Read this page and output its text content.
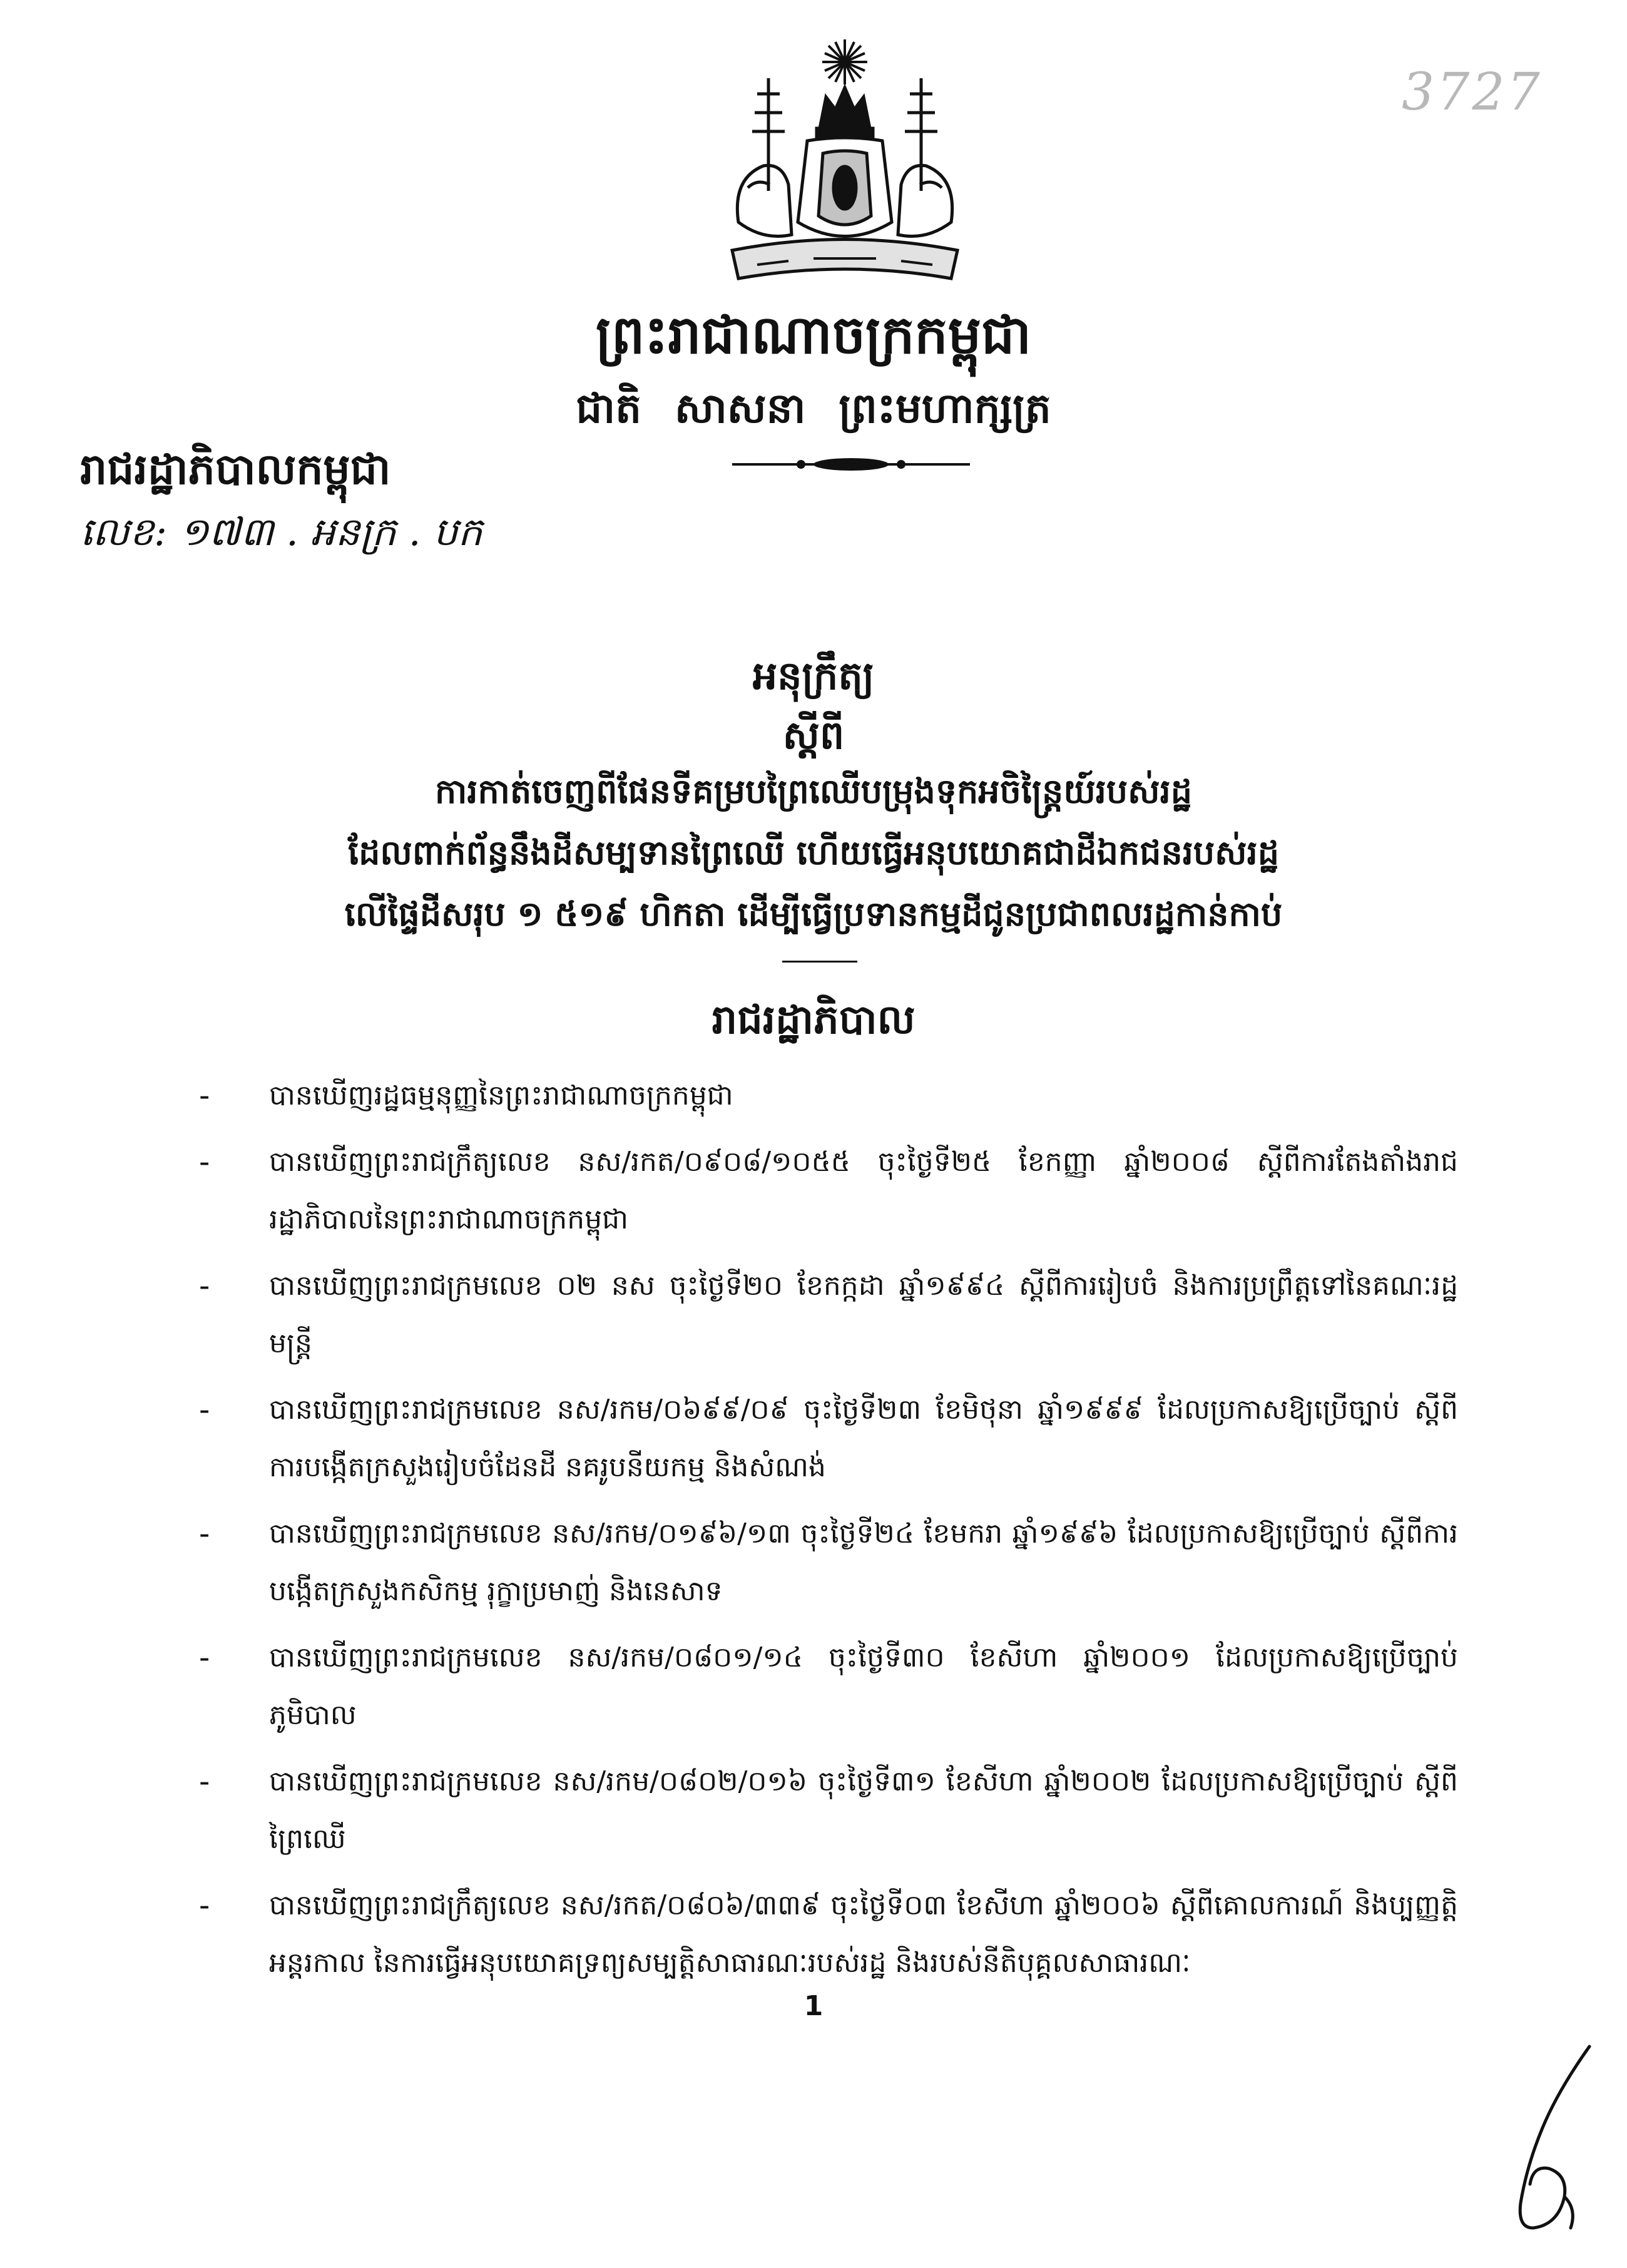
3727
ព្រះរាជាណាចក្រកម្ពុជា
ជាតិ សាសនា ព្រះមហាក្សត្រ
រាជរដ្ឋាភិបាលកម្ពុជា
លេខ: ១៧៣ . អនក្រ . បក
អនុក្រឹត្យ
ស្តីពី
ការកាត់ចេញពីផែនទីគម្របព្រៃឈើបម្រុងទុកអចិន្ត្រៃយ៍របស់រដ្ឋ
ដែលពាក់ព័ន្ធនឹងដីសម្បទានព្រៃឈើ ហើយធ្វើអនុបយោគជាដីឯកជនរបស់រដ្ឋ
លើផ្ទៃដីសរុប ១ ៥១៩ ហិកតា ដើម្បីធ្វើប្រទានកម្មដីជូនប្រជាពលរដ្ឋកាន់កាប់
រាជរដ្ឋាភិបាល
- បានឃើញរដ្ឋធម្មនុញ្ញនៃព្រះរាជាណាចក្រកម្ពុជា
- បានឃើញព្រះរាជក្រឹត្យលេខ នស/រកត/០៩០៨/១០៥៥ ចុះថ្ងៃទី២៥ ខែកញ្ញា ឆ្នាំ២០០៨ ស្តីពីការតែងតាំងរាជរដ្ឋាភិបាលនៃព្រះរាជាណាចក្រកម្ពុជា
- បានឃើញព្រះរាជក្រមលេខ ០២ នស ចុះថ្ងៃទី២០ ខែកក្កដា ឆ្នាំ១៩៩៤ ស្តីពីការរៀបចំ និងការប្រព្រឹត្តទៅនៃគណៈរដ្ឋមន្ត្រី
- បានឃើញព្រះរាជក្រមលេខ នស/រកម/០៦៩៩/០៩ ចុះថ្ងៃទី២៣ ខែមិថុនា ឆ្នាំ១៩៩៩ ដែលប្រកាសឱ្យប្រើច្បាប់ ស្តីពីការបង្កើតក្រសួងរៀបចំដែនដី នគរូបនីយកម្ម និងសំណង់
- បានឃើញព្រះរាជក្រមលេខ នស/រកម/០១៩៦/១៣ ចុះថ្ងៃទី២៤ ខែមករា ឆ្នាំ១៩៩៦ ដែលប្រកាសឱ្យប្រើច្បាប់ ស្តីពីការបង្កើតក្រសួងកសិកម្ម រុក្ខាប្រមាញ់ និងនេសាទ
- បានឃើញព្រះរាជក្រមលេខ នស/រកម/០៨០១/១៤ ចុះថ្ងៃទី៣០ ខែសីហា ឆ្នាំ២០០១ ដែលប្រកាសឱ្យប្រើច្បាប់ភូមិបាល
- បានឃើញព្រះរាជក្រមលេខ នស/រកម/០៨០២/០១៦ ចុះថ្ងៃទី៣១ ខែសីហា ឆ្នាំ២០០២ ដែលប្រកាសឱ្យប្រើច្បាប់ ស្តីពីព្រៃឈើ
- បានឃើញព្រះរាជក្រឹត្យលេខ នស/រកត/០៨០៦/៣៣៩ ចុះថ្ងៃទី០៣ ខែសីហា ឆ្នាំ២០០៦ ស្តីពីគោលការណ៍ និងប្បញ្ញត្តិអន្តរកាល នៃការធ្វើអនុបយោគទ្រព្យសម្បត្តិសាធារណៈរបស់រដ្ឋ និងរបស់នីតិបុគ្គលសាធារណៈ
1
